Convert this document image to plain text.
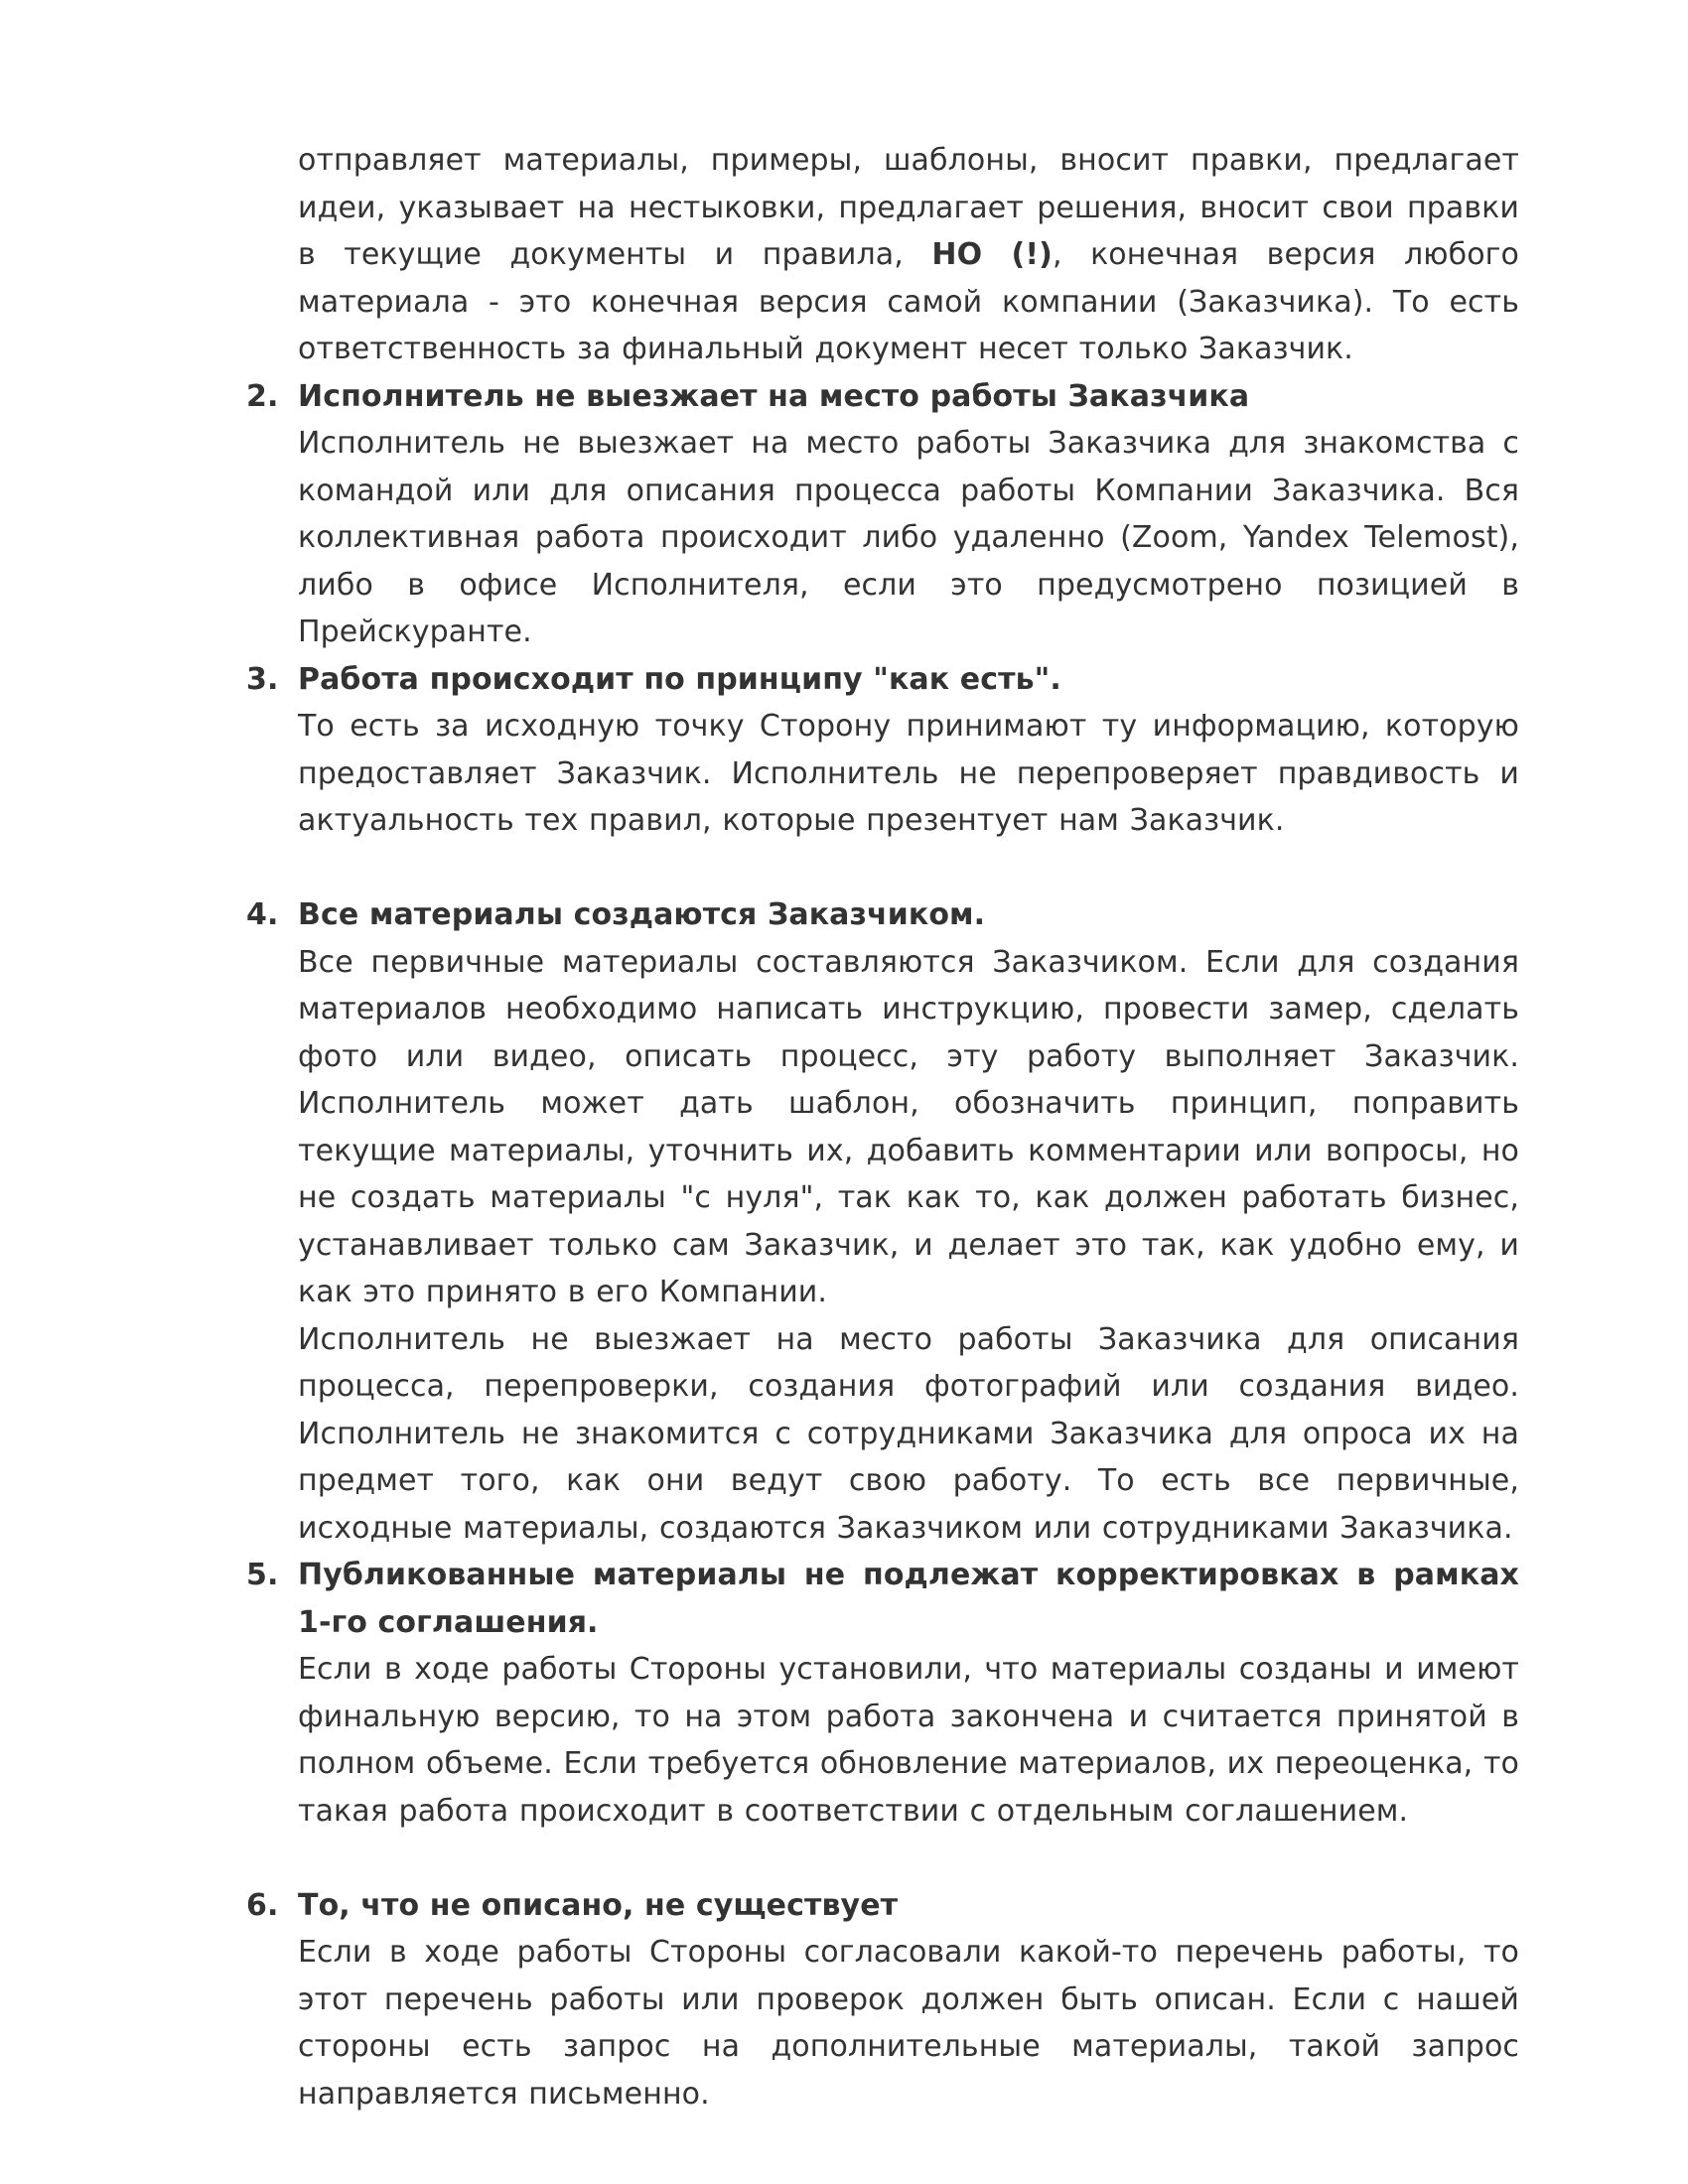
отправляет материалы, примеры, шаблоны, вносит правки, предлагает идеи, указывает на нестыковки, предлагает решения, вносит свои правки в текущие документы и правила, НО (!), конечная версия любого материала - это конечная версия самой компании (Заказчика). То есть ответственность за финальный документ несет только Заказчик.

2. Исполнитель не выезжает на место работы Заказчика

Исполнитель не выезжает на место работы Заказчика для знакомства с командой или для описания процесса работы Компании Заказчика. Вся коллективная работа происходит либо удаленно (Zoom, Yandex Telemost), либо в офисе Исполнителя, если это предусмотрено позицией в Прейскуранте.

3. Работа происходит по принципу "как есть".

То есть за исходную точку Сторону принимают ту информацию, которую предоставляет Заказчик. Исполнитель не перепроверяет правдивость и актуальность тех правил, которые презентует нам Заказчик.

4. Все материалы создаются Заказчиком.

Все первичные материалы составляются Заказчиком. Если для создания материалов необходимо написать инструкцию, провести замер, сделать фото или видео, описать процесс, эту работу выполняет Заказчик. Исполнитель может дать шаблон, обозначить принцип, поправить текущие материалы, уточнить их, добавить комментарии или вопросы, но не создать материалы "с нуля", так как то, как должен работать бизнес, устанавливает только сам Заказчик, и делает это так, как удобно ему, и как это принято в его Компании.

Исполнитель не выезжает на место работы Заказчика для описания процесса, перепроверки, создания фотографий или создания видео. Исполнитель не знакомится с сотрудниками Заказчика для опроса их на предмет того, как они ведут свою работу. То есть все первичные, исходные материалы, создаются Заказчиком или сотрудниками Заказчика.

5. Публикованные материалы не подлежат корректировках в рамках 1-го соглашения.

Если в ходе работы Стороны установили, что материалы созданы и имеют финальную версию, то на этом работа закончена и считается принятой в полном объеме. Если требуется обновление материалов, их переоценка, то такая работа происходит в соответствии с отдельным соглашением.

6. То, что не описано, не существует

Если в ходе работы Стороны согласовали какой-то перечень работы, то этот перечень работы или проверок должен быть описан. Если с нашей стороны есть запрос на дополнительные материалы, такой запрос направляется письменно.
